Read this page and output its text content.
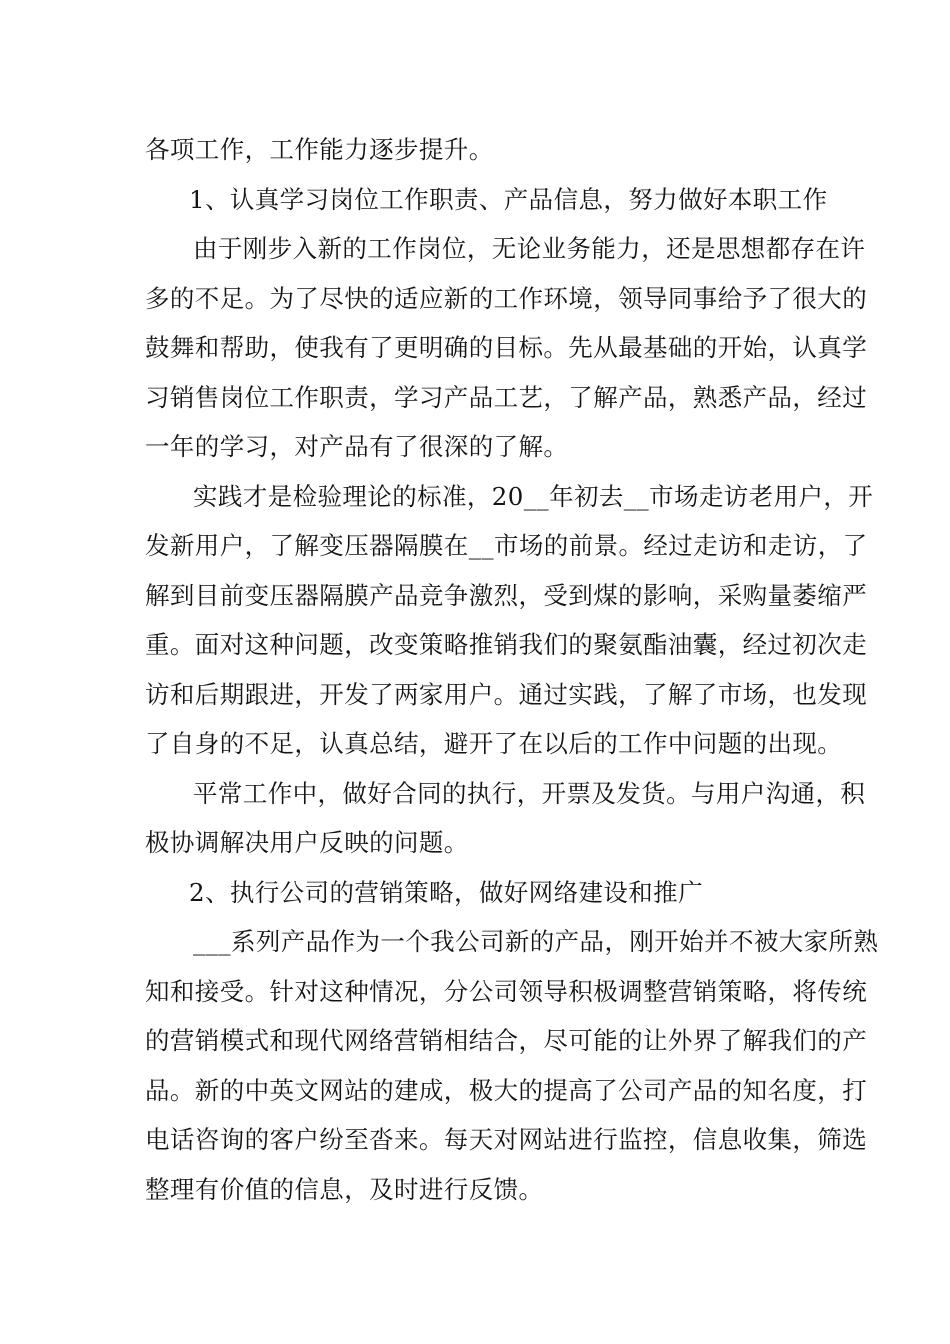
各项工作，工作能力逐步提升。
1、认真学习岗位工作职责、产品信息，努力做好本职工作
由于刚步入新的工作岗位，无论业务能力，还是思想都存在许
多的不足。为了尽快的适应新的工作环境，领导同事给予了很大的
鼓舞和帮助，使我有了更明确的目标。先从最基础的开始，认真学
习销售岗位工作职责，学习产品工艺，了解产品，熟悉产品，经过
一年的学习，对产品有了很深的了解。
实践才是检验理论的标准，20__年初去__市场走访老用户，开
发新用户，了解变压器隔膜在__市场的前景。经过走访和走访，了
解到目前变压器隔膜产品竞争激烈，受到煤的影响，采购量萎缩严
重。面对这种问题，改变策略推销我们的聚氨酯油囊，经过初次走
访和后期跟进，开发了两家用户。通过实践，了解了市场，也发现
了自身的不足，认真总结，避开了在以后的工作中问题的出现。
平常工作中，做好合同的执行，开票及发货。与用户沟通，积
极协调解决用户反映的问题。
2、执行公司的营销策略，做好网络建设和推广
___系列产品作为一个我公司新的产品，刚开始并不被大家所熟
知和接受。针对这种情况，分公司领导积极调整营销策略，将传统
的营销模式和现代网络营销相结合，尽可能的让外界了解我们的产
品。新的中英文网站的建成，极大的提高了公司产品的知名度，打
电话咨询的客户纷至沓来。每天对网站进行监控，信息收集，筛选
整理有价值的信息，及时进行反馈。
